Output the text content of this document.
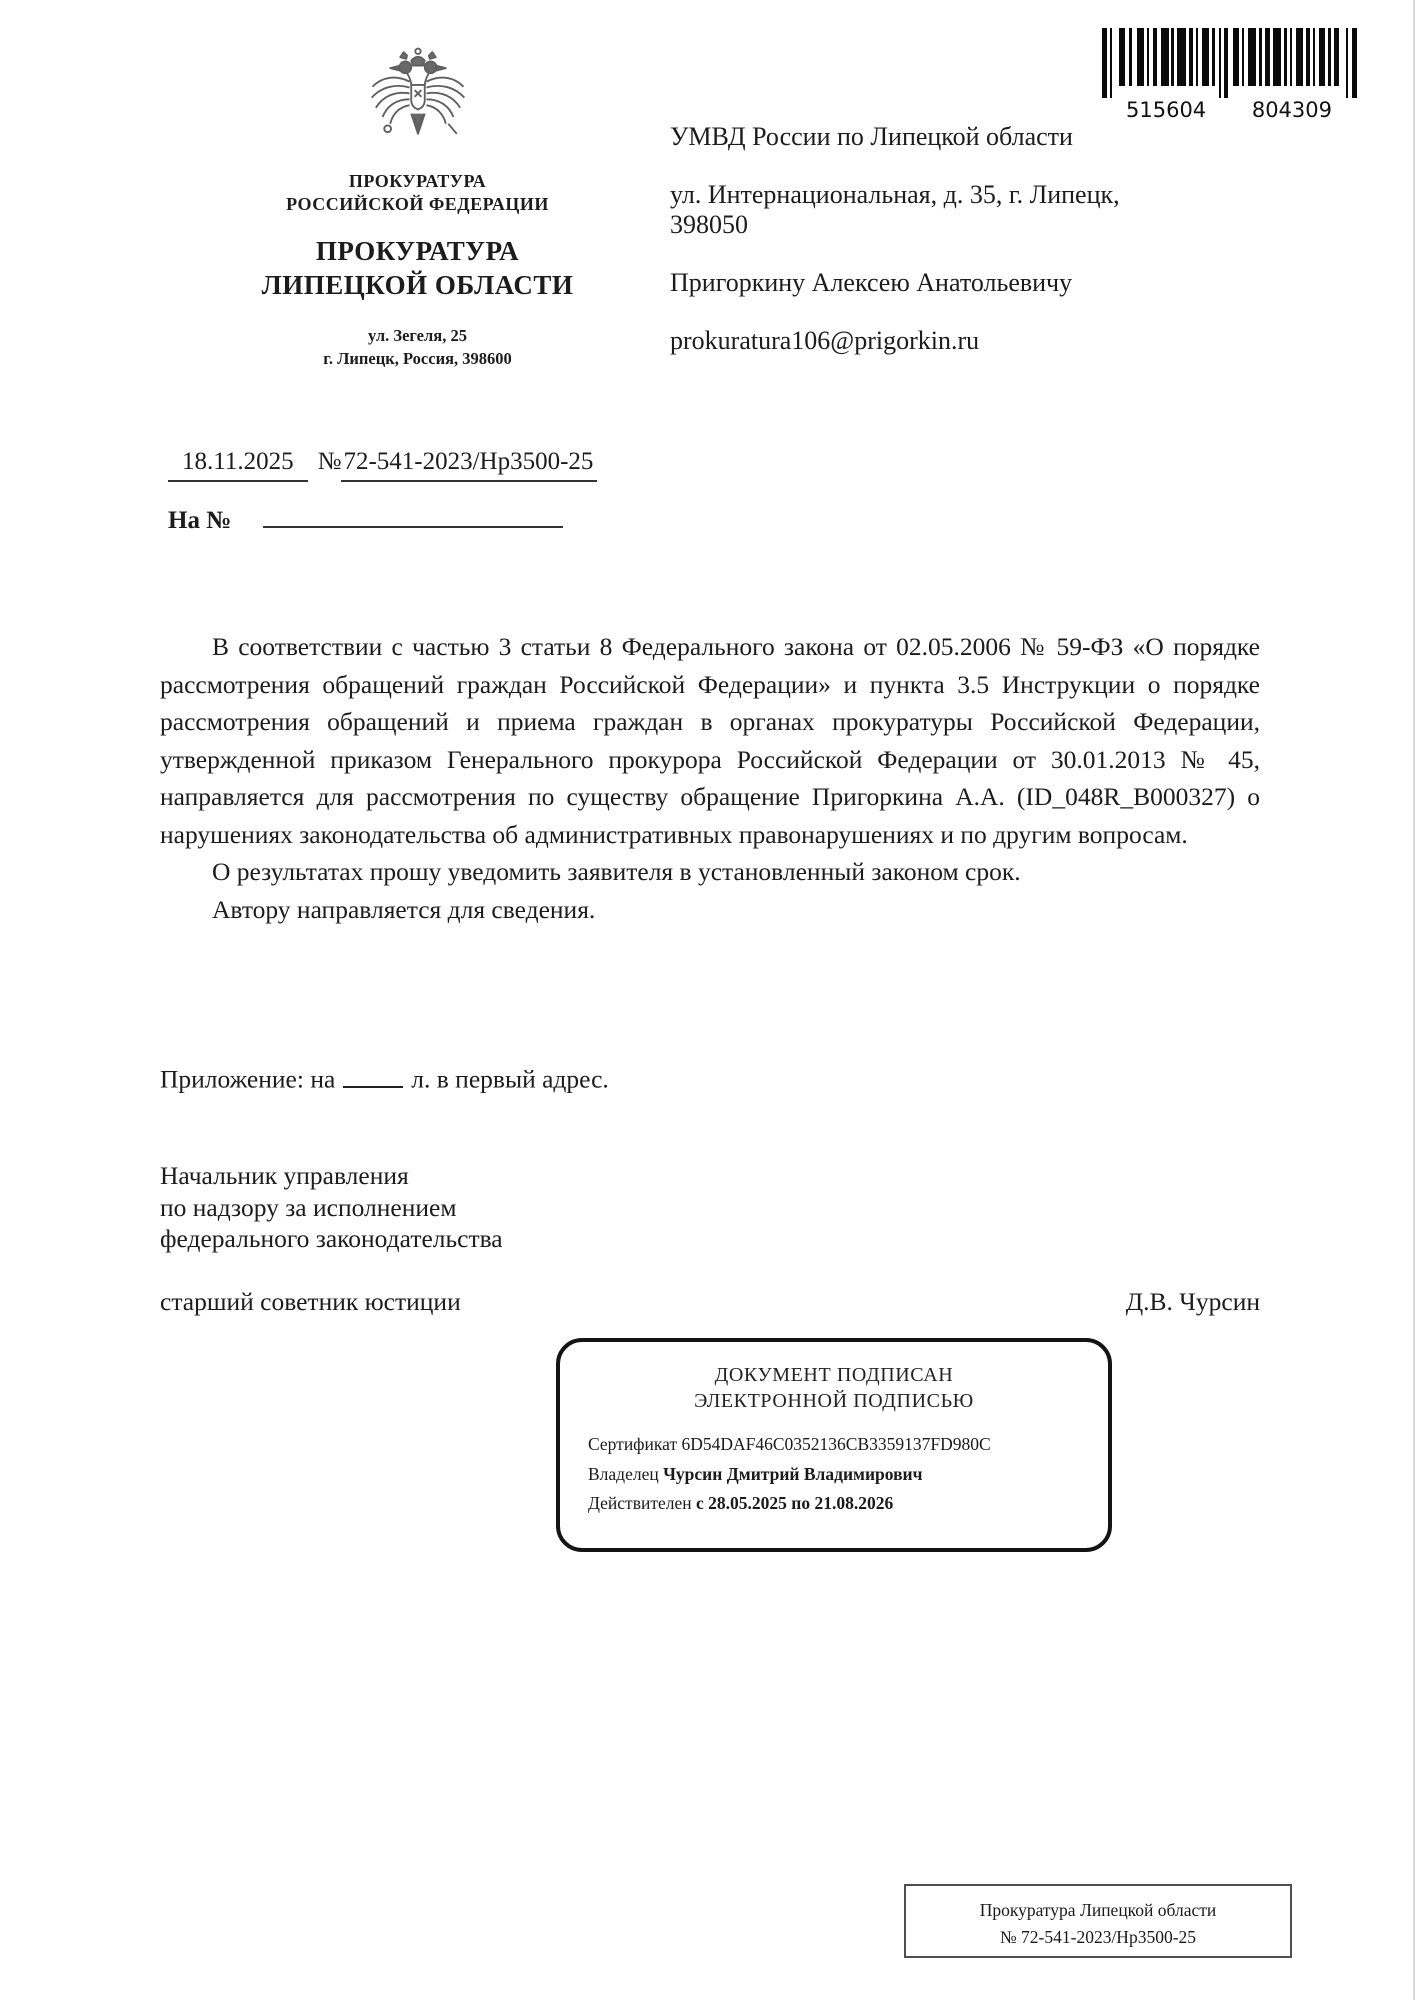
ПРОКУРАТУРА
РОССИЙСКОЙ ФЕДЕРАЦИИ
ПРОКУРАТУРА
ЛИПЕЦКОЙ ОБЛАСТИ
ул. Зегеля, 25
г. Липецк, Россия, 398600
515604 804309

УМВД России по Липецкой области

ул. Интернациональная, д. 35, г. Липецк, 398050

Пригоркину Алексею Анатольевичу

prokuratura106@prigorkin.ru

18.11.2025 № 72-541-2023/Нр3500-25
На №

В соответствии с частью 3 статьи 8 Федерального закона от 02.05.2006 № 59-ФЗ «О порядке рассмотрения обращений граждан Российской Федерации» и пункта 3.5 Инструкции о порядке рассмотрения обращений и приема граждан в органах прокуратуры Российской Федерации, утвержденной приказом Генерального прокурора Российской Федерации от 30.01.2013 № 45, направляется для рассмотрения по существу обращение Пригоркина А.А. (ID_048R_B000327) о нарушениях законодательства об административных правонарушениях и по другим вопросам.

О результатах прошу уведомить заявителя в установленный законом срок.

Автору направляется для сведения.

Приложение: на	л. в первый адрес.
Начальник управления
по надзору за исполнением
федерального законодательства
старший советник юстиции	Д.В. Чурсин
ДОКУМЕНТ ПОДПИСАН
ЭЛЕКТРОННОЙ ПОДПИСЬЮ
Сертификат 6D54DAF46C0352136CB3359137FD980C
Владелец Чурсин Дмитрий Владимирович
Действителен с 28.05.2025 по 21.08.2026
Прокуратура Липецкой области
№ 72-541-2023/Нр3500-25
